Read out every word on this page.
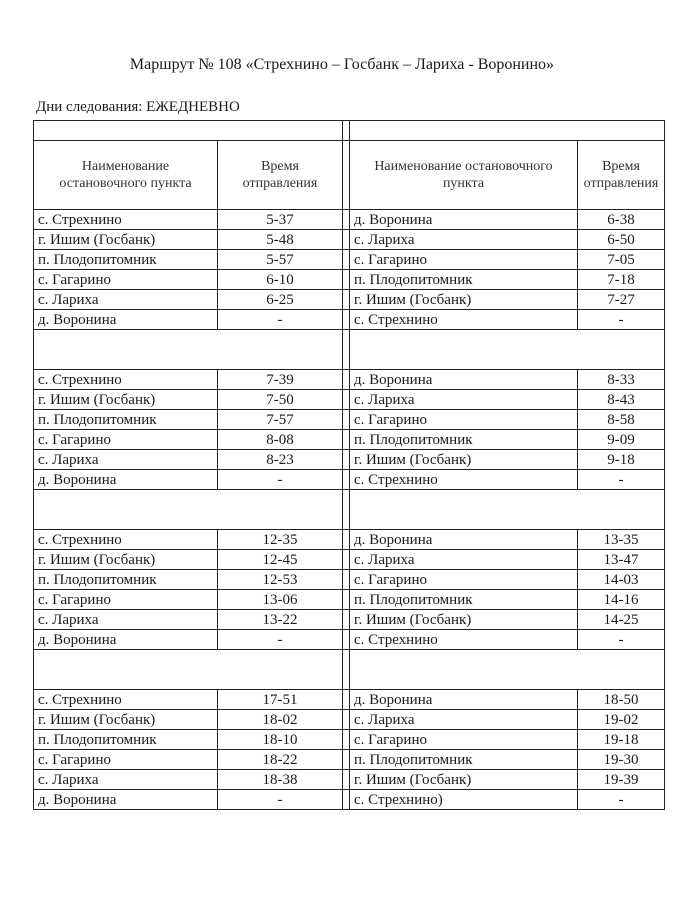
Маршрут № 108 «Стрехнино – Госбанк – Лариха - Воронино»
Дни следования: ЕЖЕДНЕВНО

Наименование остановочного пункта	Время отправления		Наименование остановочного пункта	Время отправления
с. Стрехнино	5-37		д. Воронина	6-38
г. Ишим (Госбанк)	5-48		с. Лариха	6-50
п. Плодопитомник	5-57		с. Гагарино	7-05
с. Гагарино	6-10		п. Плодопитомник	7-18
с. Лариха	6-25		г. Ишим (Госбанк)	7-27
д. Воронина	-		с. Стрехнино	-

с. Стрехнино	7-39		д. Воронина	8-33
г. Ишим (Госбанк)	7-50		с. Лариха	8-43
п. Плодопитомник	7-57		с. Гагарино	8-58
с. Гагарино	8-08		п. Плодопитомник	9-09
с. Лариха	8-23		г. Ишим (Госбанк)	9-18
д. Воронина	-		с. Стрехнино	-

с. Стрехнино	12-35		д. Воронина	13-35
г. Ишим (Госбанк)	12-45		с. Лариха	13-47
п. Плодопитомник	12-53		с. Гагарино	14-03
с. Гагарино	13-06		п. Плодопитомник	14-16
с. Лариха	13-22		г. Ишим (Госбанк)	14-25
д. Воронина	-		с. Стрехнино	-

с. Стрехнино	17-51		д. Воронина	18-50
г. Ишим (Госбанк)	18-02		с. Лариха	19-02
п. Плодопитомник	18-10		с. Гагарино	19-18
с. Гагарино	18-22		п. Плодопитомник	19-30
с. Лариха	18-38		г. Ишим (Госбанк)	19-39
д. Воронина	-		с. Стрехнино)	-
